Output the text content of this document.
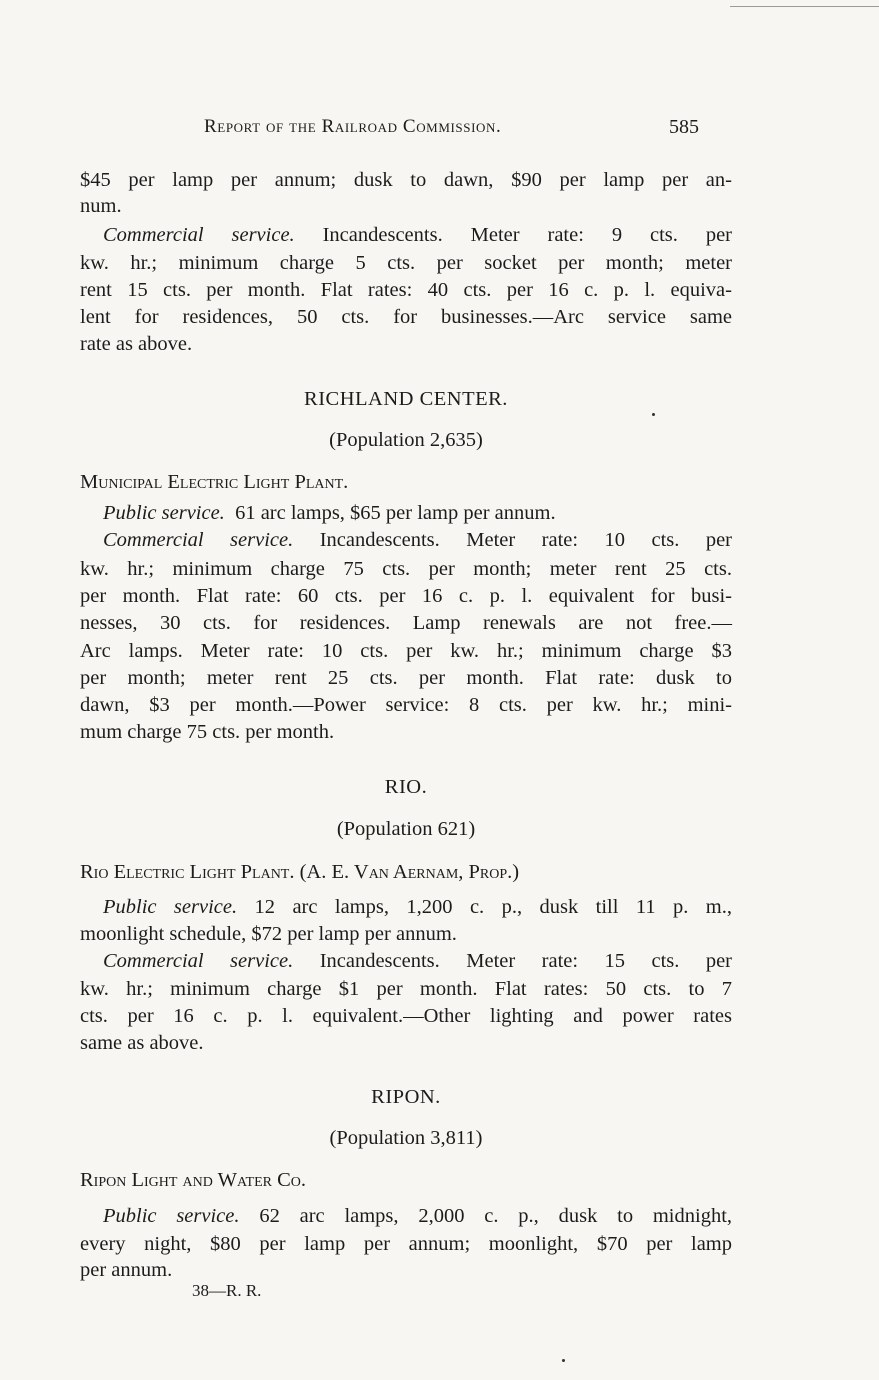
Report of the Railroad Commission.	585
$45 per lamp per annum; dusk to dawn, $90 per lamp per an-
num.
Commercial service. Incandescents. Meter rate: 9 cts. per
kw. hr.; minimum charge 5 cts. per socket per month; meter
rent 15 cts. per month. Flat rates: 40 cts. per 16 c. p. l. equiva-
lent for residences, 50 cts. for businesses.—Arc service same
rate as above.
RICHLAND CENTER.
(Population 2,635)
Municipal Electric Light Plant.
Public service. 61 arc lamps, $65 per lamp per annum.
Commercial service. Incandescents. Meter rate: 10 cts. per
kw. hr.; minimum charge 75 cts. per month; meter rent 25 cts.
per month. Flat rate: 60 cts. per 16 c. p. l. equivalent for busi-
nesses, 30 cts. for residences. Lamp renewals are not free.—
Arc lamps. Meter rate: 10 cts. per kw. hr.; minimum charge $3
per month; meter rent 25 cts. per month. Flat rate: dusk to
dawn, $3 per month.—Power service: 8 cts. per kw. hr.; mini-
mum charge 75 cts. per month.
RIO.
(Population 621)
Rio Electric Light Plant. (A. E. Van Aernam, Prop.)
Public service. 12 arc lamps, 1,200 c. p., dusk till 11 p. m.,
moonlight schedule, $72 per lamp per annum.
Commercial service. Incandescents. Meter rate: 15 cts. per
kw. hr.; minimum charge $1 per month. Flat rates: 50 cts. to 7
cts. per 16 c. p. l. equivalent.—Other lighting and power rates
same as above.
RIPON.
(Population 3,811)
Ripon Light and Water Co.
Public service. 62 arc lamps, 2,000 c. p., dusk to midnight,
every night, $80 per lamp per annum; moonlight, $70 per lamp
per annum.
38—R. R.
